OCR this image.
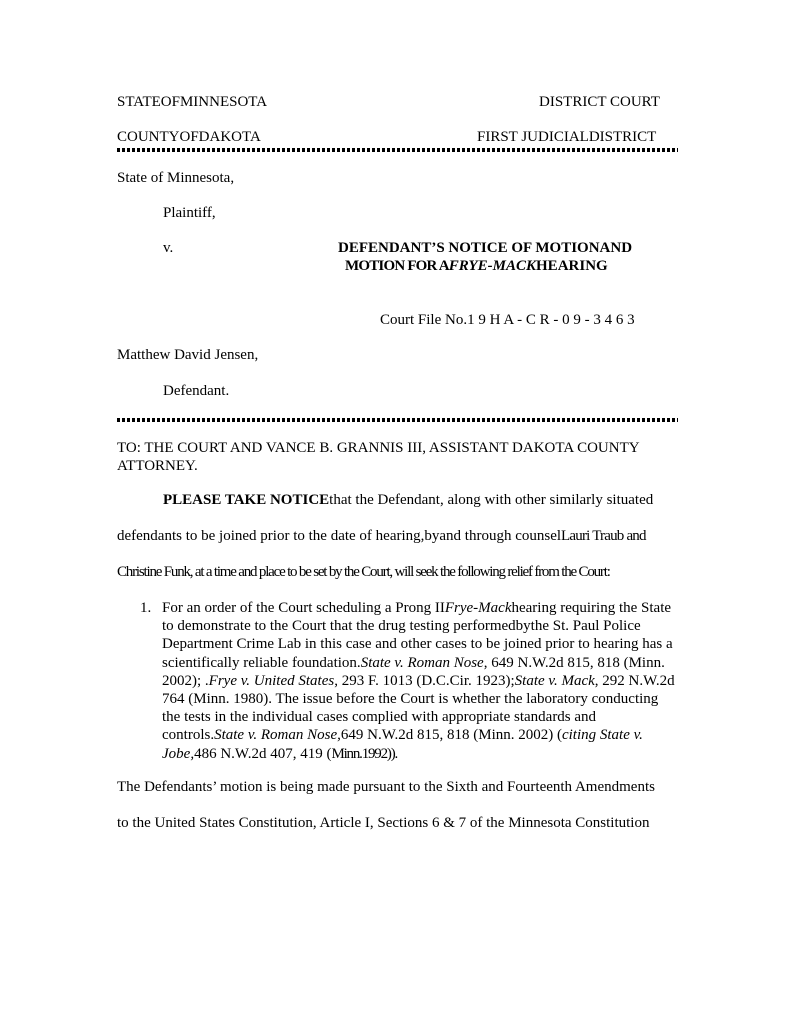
STATEOFMINNESOTA	DISTRICT COURT
COUNTYOFDAKOTA	FIRST JUDICIALDISTRICT
State of Minnesota,
Plaintiff,
v.	DEFENDANT’S NOTICE OF MOTIONAND
MOTION FOR AFRYE-MACKHEARING
Court File No.1 9 H A - C R - 0 9 - 3 4 6 3
Matthew David Jensen,
Defendant.
TO: THE COURT AND VANCE B. GRANNIS III, ASSISTANT DAKOTA COUNTY
ATTORNEY.
PLEASE TAKE NOTICEthat the Defendant, along with other similarly situated
defendants to be joined prior to the date of hearing,byand through counselLauri Traub and
Christine Funk, at a time and place to be set by the Court, will seek the following relief from the Court:
1. For an order of the Court scheduling a Prong IIFrye-Mackhearing requiring the State to demonstrate to the Court that the drug testing performedbythe St. Paul Police Department Crime Lab in this case and other cases to be joined prior to hearing has a scientifically reliable foundation.State v. Roman Nose, 649 N.W.2d 815, 818 (Minn. 2002); .Frye v. United States, 293 F. 1013 (D.C.Cir. 1923);State v. Mack, 292 N.W.2d 764 (Minn. 1980). The issue before the Court is whether the laboratory conducting the tests in the individual cases complied with appropriate standards and controls.State v. Roman Nose,649 N.W.2d 815, 818 (Minn. 2002) (citing State v. Jobe,486 N.W.2d 407, 419 (Minn.1992)).
The Defendants’ motion is being made pursuant to the Sixth and Fourteenth Amendments
to the United States Constitution, Article I, Sections 6 & 7 of the Minnesota Constitution
